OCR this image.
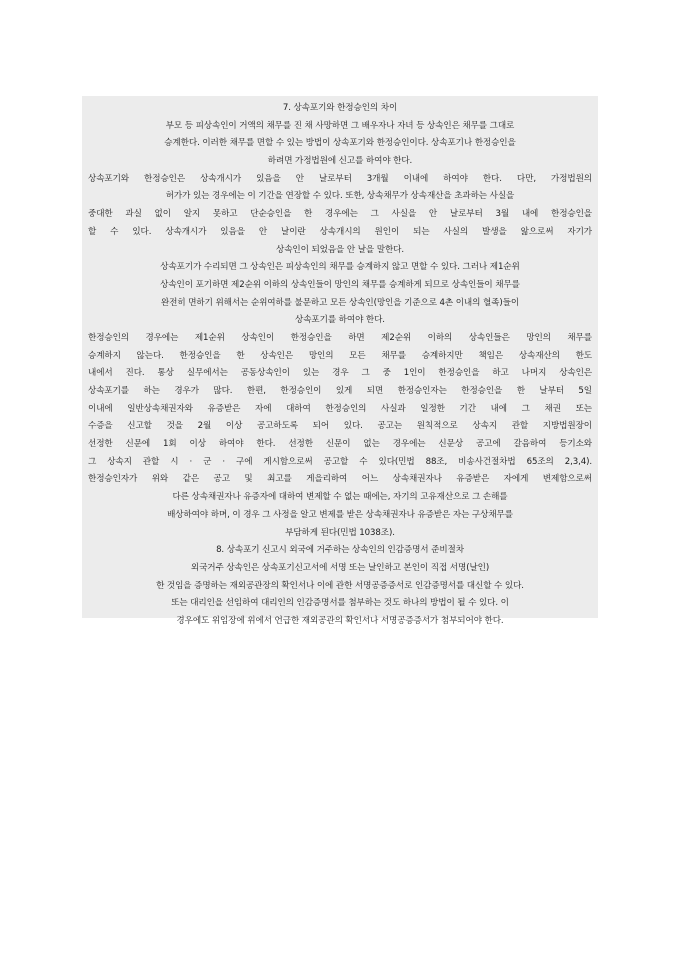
7. 상속포기와 한정승인의 차이

부모 등 피상속인이 거액의 채무를 진 채 사망하면 그 배우자나 자녀 등 상속인은 채무를 그대로

승계한다. 이러한 채무를 면할 수 있는 방법이 상속포기와 한정승인이다. 상속포기나 한정승인을

하려면 가정법원에 신고를 하여야 한다.

상속포기와 한정승인은 상속개시가 있음을 안 날로부터 3개월 이내에 하여야 한다. 다만, 가정법원의

허가가 있는 경우에는 이 기간을 연장할 수 있다. 또한, 상속채무가 상속재산을 초과하는 사실을

중대한 과실 없이 알지 못하고 단순승인을 한 경우에는 그 사실을 안 날로부터 3월 내에 한정승인을

할 수 있다. 상속개시가 있음을 안 날이란 상속개시의 원인이 되는 사실의 발생을 앎으로써 자기가

상속인이 되었음을 안 날을 말한다.

상속포기가 수리되면 그 상속인은 피상속인의 채무를 승계하지 않고 면할 수 있다. 그러나 제1순위

상속인이 포기하면 제2순위 이하의 상속인들이 망인의 채무를 승계하게 되므로 상속인들이 채무를

완전히 면하기 위해서는 순위여하를 불문하고 모든 상속인(망인을 기준으로 4촌 이내의 혈족)들이

상속포기를 하여야 한다.

한정승인의 경우에는 제1순위 상속인이 한정승인을 하면 제2순위 이하의 상속인들은 망인의 채무를

승계하지 않는다. 한정승인을 한 상속인은 망인의 모든 채무를 승계하지만 책임은 상속재산의 한도

내에서 진다. 통상 실무에서는 공동상속인이 있는 경우 그 중 1인이 한정승인을 하고 나머지 상속인은

상속포기를 하는 경우가 많다. 한편, 한정승인이 있게 되면 한정승인자는 한정승인을 한 날부터 5일

이내에 일반상속채권자와 유증받은 자에 대하여 한정승인의 사실과 일정한 기간 내에 그 채권 또는

수증을 신고할 것을 2월 이상 공고하도록 되어 있다. 공고는 원칙적으로 상속지 관할 지방법원장이

선정한 신문에 1회 이상 하여야 한다. 선정한 신문이 없는 경우에는 신문상 공고에 갈음하여 등기소와

그 상속지 관할 시 · 군 · 구에 게시함으로써 공고할 수 있다(민법 88조, 비송사건절차법 65조의 2,3,4).

한정승인자가 위와 같은 공고 및 최고를 게을리하여 어느 상속채권자나 유증받은 자에게 변제함으로써

다른 상속채권자나 유증자에 대하여 변제할 수 없는 때에는, 자기의 고유재산으로 그 손해를

배상하여야 하며, 이 경우 그 사정을 알고 변제를 받은 상속채권자나 유증받은 자는 구상채무를

부담하게 된다(민법 1038조).

8. 상속포기 신고시 외국에 거주하는 상속인의 인감증명서 준비절차

외국거주 상속인은 상속포기신고서에 서명 또는 날인하고 본인이 직접 서명(날인)

한 것임을 증명하는 재외공관장의 확인서나 이에 관한 서명공증증서로 인감증명서를 대신할 수 있다.

또는 대리인을 선임하여 대리인의 인감증명서를 첨부하는 것도 하나의 방법이 될 수 있다. 이

경우에도 위임장에 위에서 언급한 재외공관의 확인서나 서명공증증서가 첨부되어야 한다.
